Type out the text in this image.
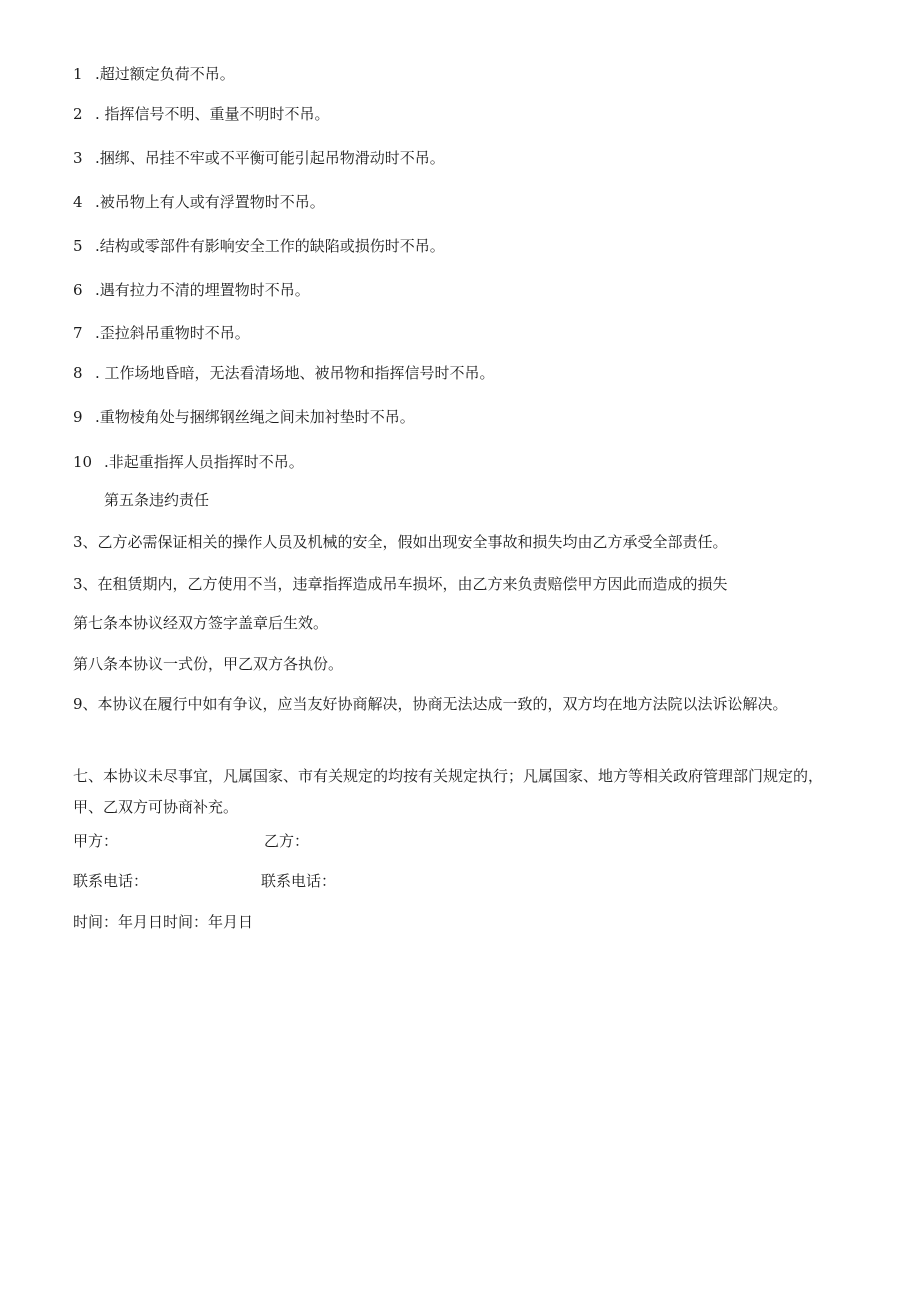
1 .超过额定负荷不吊。
2 . 指挥信号不明、重量不明时不吊。
3 .捆绑、吊挂不牢或不平衡可能引起吊物滑动时不吊。
4 .被吊物上有人或有浮置物时不吊。
5 .结构或零部件有影响安全工作的缺陷或损伤时不吊。
6 .遇有拉力不清的埋置物时不吊。
7 .歪拉斜吊重物时不吊。
8 . 工作场地昏暗，无法看清场地、被吊物和指挥信号时不吊。
9 .重物棱角处与捆绑钢丝绳之间未加衬垫时不吊。
10 .非起重指挥人员指挥时不吊。
第五条违约责任
3、乙方必需保证相关的操作人员及机械的安全，假如出现安全事故和损失均由乙方承受全部责任。
3、在租赁期内，乙方使用不当，违章指挥造成吊车损坏，由乙方来负责赔偿甲方因此而造成的损失
第七条本协议经双方签字盖章后生效。
第八条本协议一式份，甲乙双方各执份。
9、本协议在履行中如有争议，应当友好协商解决，协商无法达成一致的，双方均在地方法院以法诉讼解决。
七、本协议未尽事宜，凡属国家、市有关规定的均按有关规定执行；凡属国家、地方等相关政府管理部门规定的，甲、乙双方可协商补充。
甲方：	乙方：
联系电话：	联系电话：
时间：年月日时间：年月日
